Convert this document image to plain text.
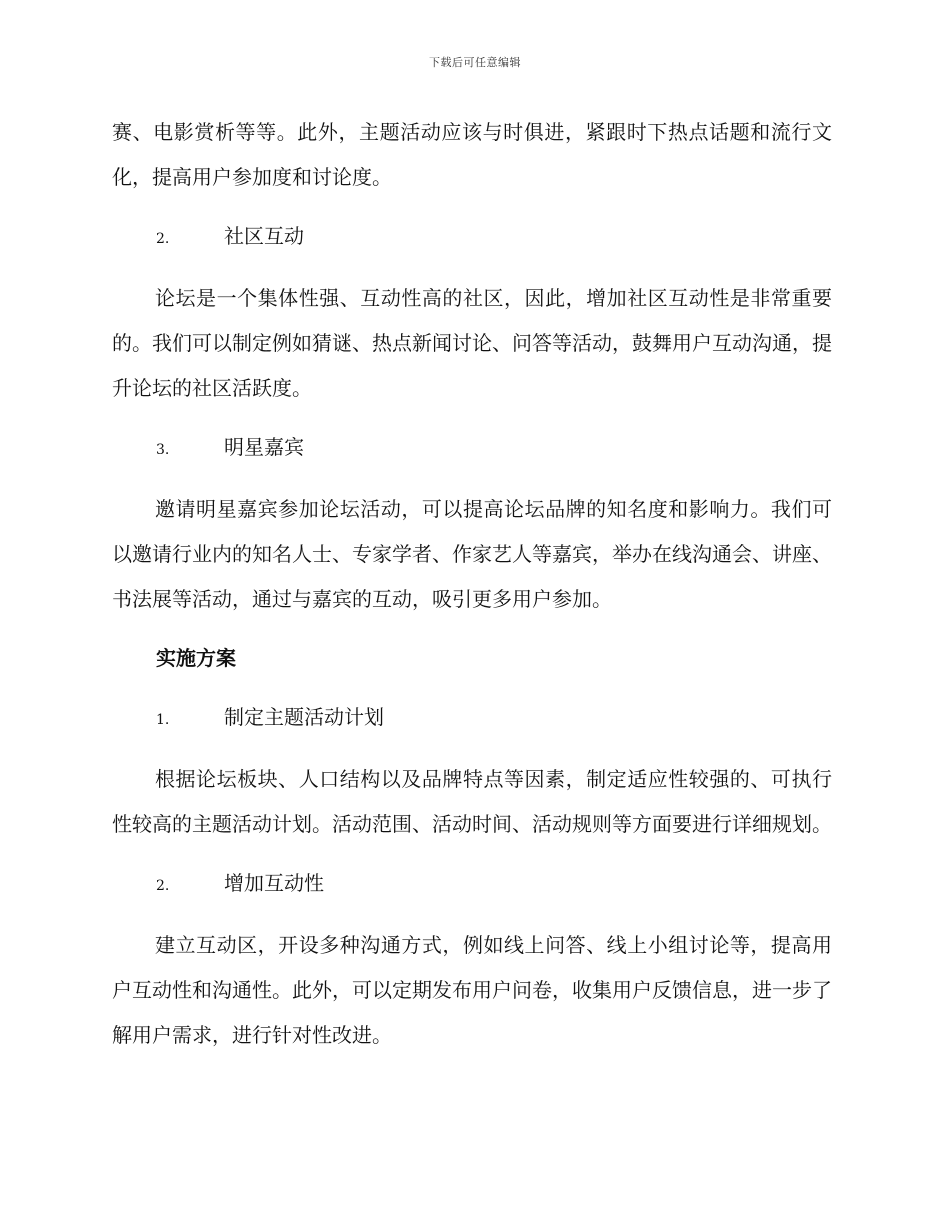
下载后可任意编辑

赛、电影赏析等等。此外，主题活动应该与时俱进，紧跟时下热点话题和流行文化，提高用户参加度和讨论度。

2.	社区互动

论坛是一个集体性强、互动性高的社区，因此，增加社区互动性是非常重要的。我们可以制定例如猜谜、热点新闻讨论、问答等活动，鼓舞用户互动沟通，提升论坛的社区活跃度。

3.	明星嘉宾

邀请明星嘉宾参加论坛活动，可以提高论坛品牌的知名度和影响力。我们可以邀请行业内的知名人士、专家学者、作家艺人等嘉宾，举办在线沟通会、讲座、书法展等活动，通过与嘉宾的互动，吸引更多用户参加。

实施方案
1.	制定主题活动计划

根据论坛板块、人口结构以及品牌特点等因素，制定适应性较强的、可执行性较高的主题活动计划。活动范围、活动时间、活动规则等方面要进行详细规划。

2.	增加互动性

建立互动区，开设多种沟通方式，例如线上问答、线上小组讨论等，提高用户互动性和沟通性。此外，可以定期发布用户问卷，收集用户反馈信息，进一步了解用户需求，进行针对性改进。
